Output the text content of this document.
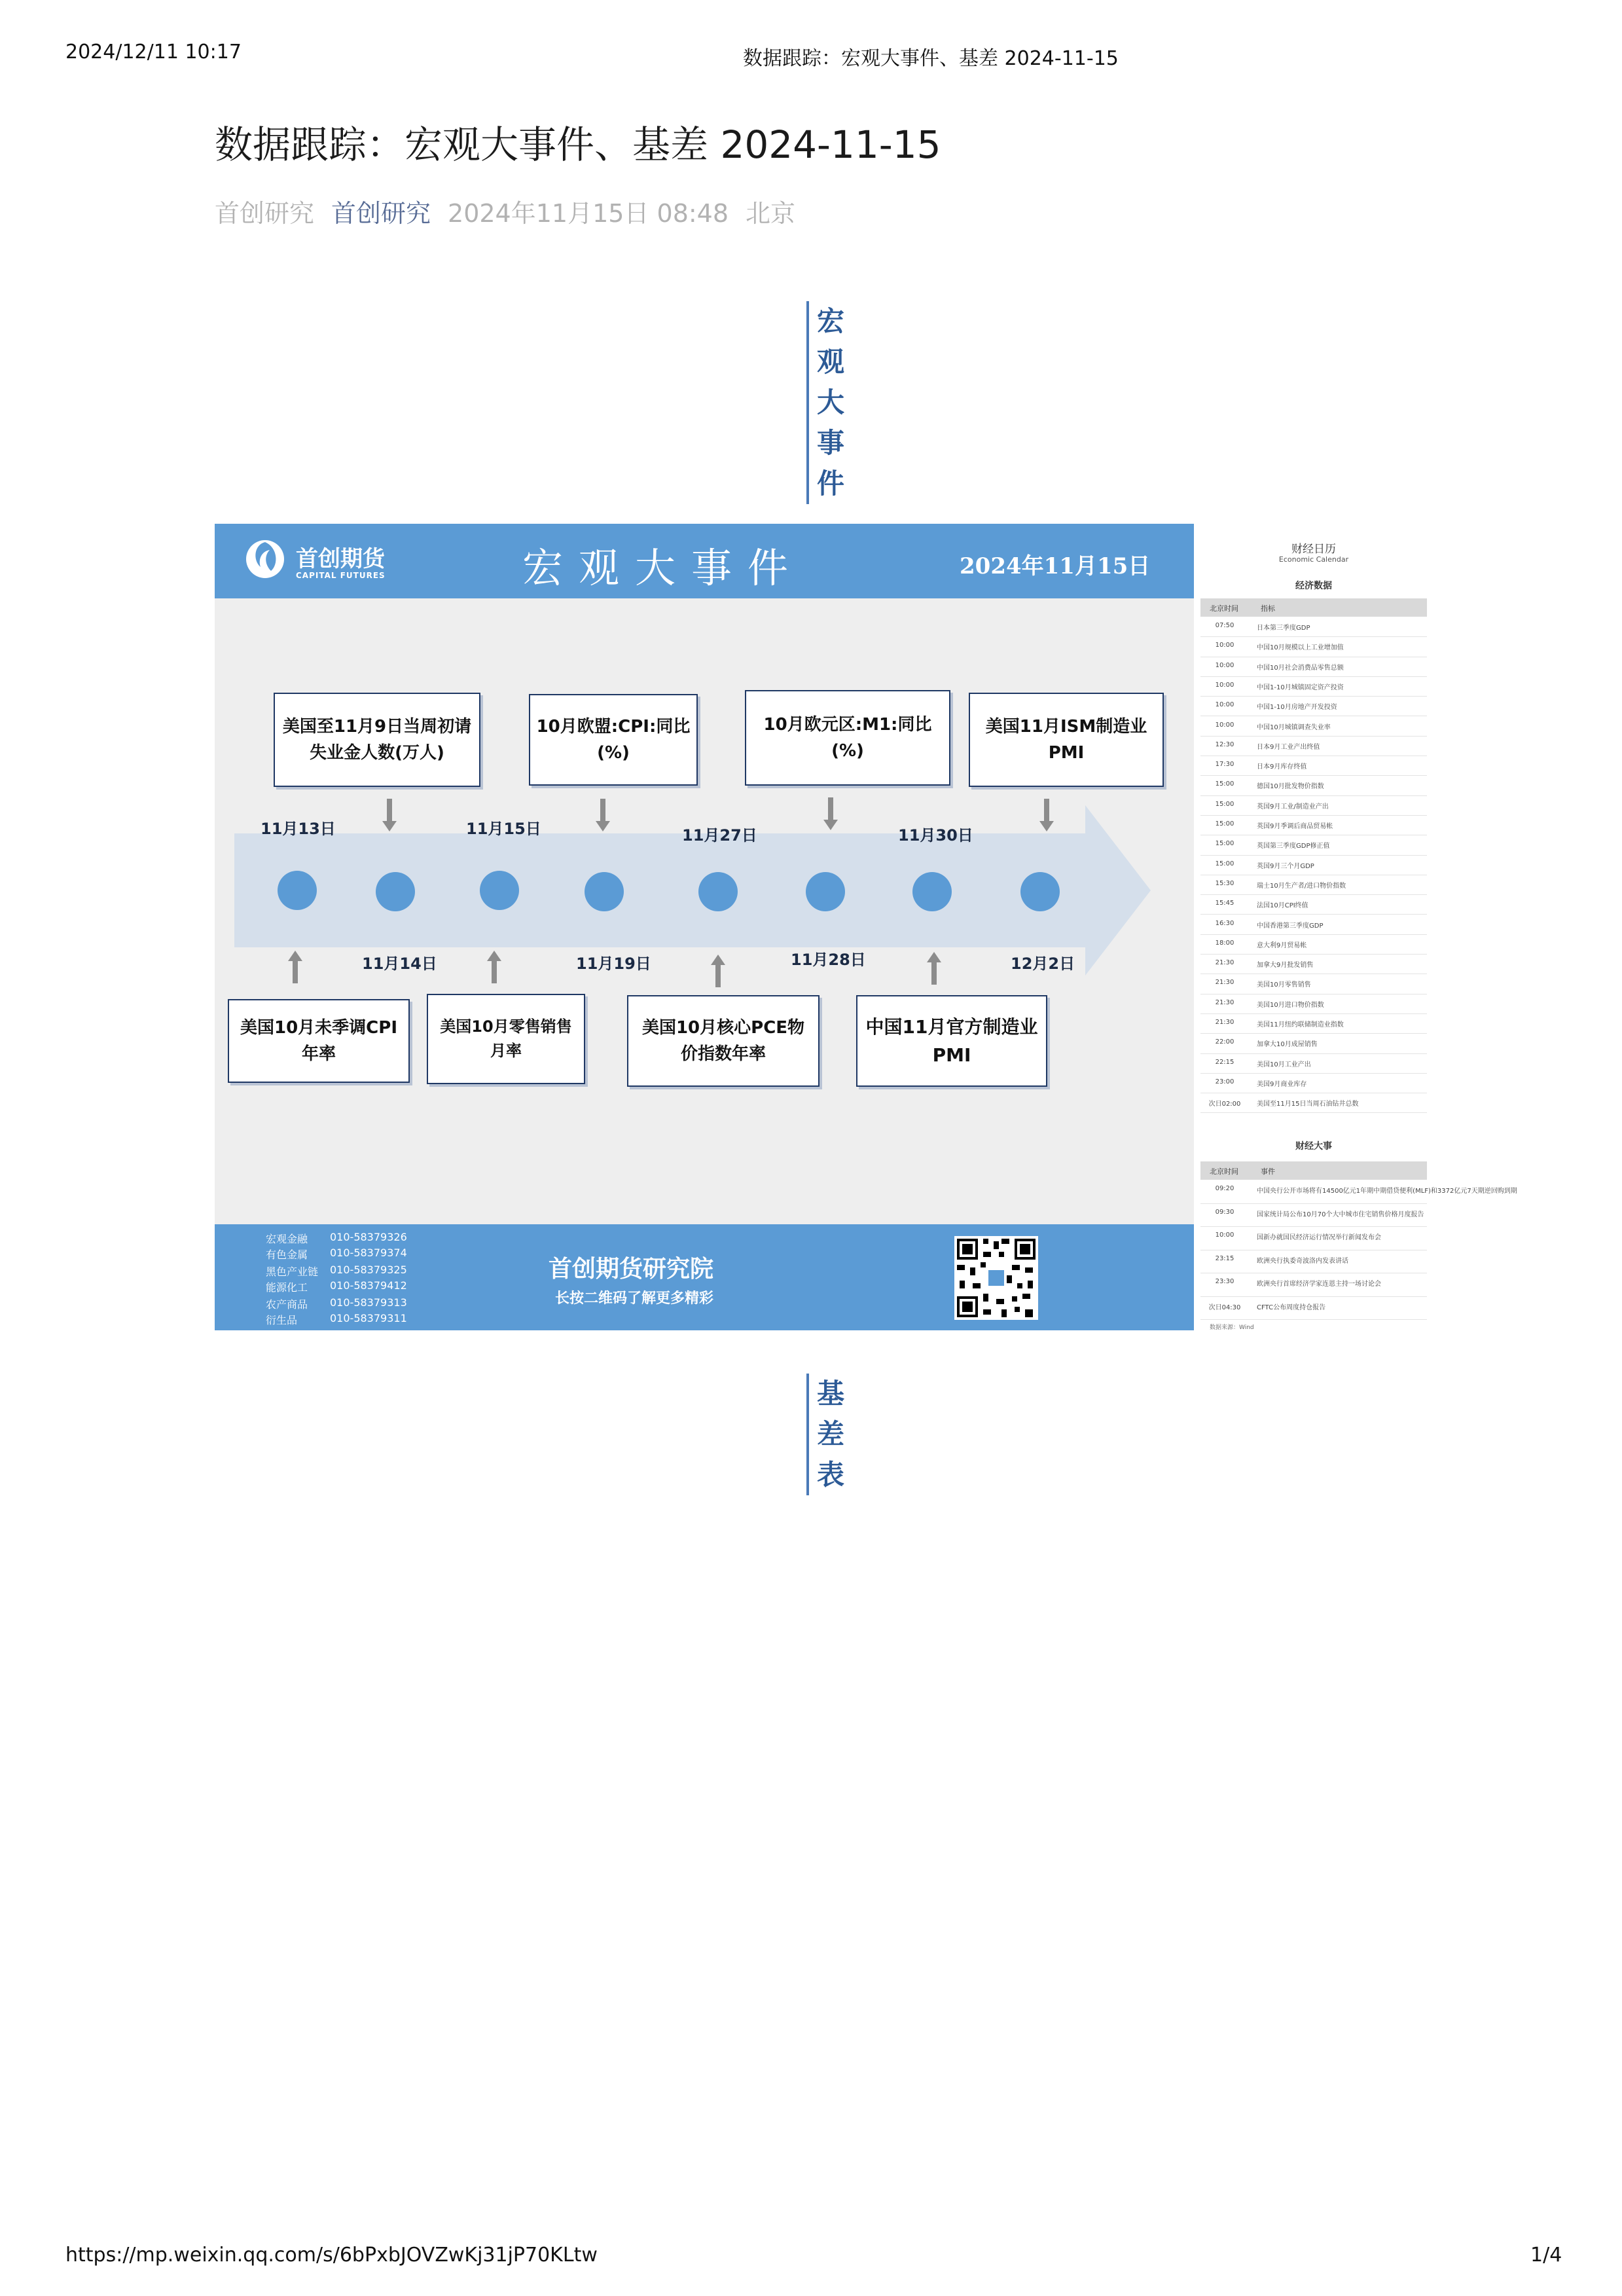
2024/12/11 10:17	数据跟踪：宏观大事件、基差 2024-11-15
https://mp.weixin.qq.com/s/6bPxbJOVZwKj31jP70KLtw	1/4
数据跟踪：宏观大事件、基差 2024-11-15
首创研究 首创研究 2024年11月15日 08:48 北京
宏
观
大
事
件
首创期货
CAPITAL FUTURES	宏观大事件	2024年11月15日
美国至11月9日当周初请
失业金人数(万人)
10月欧盟:CPI:同比
(%)
10月欧元区:M1:同比
(%)
美国11月ISM制造业
PMI
11月13日	11月15日	11月27日	11月30日
11月14日	11月19日	11月28日	12月2日
美国10月未季调CPI
年率
美国10月零售销售
月率
美国10月核心PCE物
价指数年率
中国11月官方制造业
PMI
宏观金融 010-58379326
有色金属 010-58379374
黑色产业链 010-58379325
能源化工 010-58379412
农产商品 010-58379313
衍生品	010-58379311
首创期货研究院
长按二维码了解更多精彩
财经日历
Economic Calendar
经济数据
北京时间	指标
07:50	日本第三季度GDP
10:00	中国10月规模以上工业增加值
10:00	中国10月社会消费品零售总额
10:00	中国1-10月城镇固定资产投资
10:00	中国1-10月房地产开发投资
10:00	中国10月城镇调查失业率
12:30	日本9月工业产出终值
17:30	日本9月库存终值
15:00	德国10月批发物价指数
15:00	英国9月工业/制造业产出
15:00	英国9月季调后商品贸易帐
15:00	英国第三季度GDP修正值
15:00	英国9月三个月GDP
15:30	瑞士10月生产者/进口物价指数
15:45	法国10月CPI终值
16:30	中国香港第三季度GDP
18:00	意大利9月贸易帐
21:30	加拿大9月批发销售
21:30	美国10月零售销售
21:30	美国10月进口物价指数
21:30	美国11月纽约联储制造业指数
22:00	加拿大10月成屋销售
22:15	美国10月工业产出
23:00	美国9月商业库存
次日02:00	美国至11月15日当周石油钻井总数
财经大事
北京时间	事件
09:20	中国央行公开市场将有14500亿元1年期中期借贷便利(MLF)和3372亿元7天期逆回购到期
09:30	国家统计局公布10月70个大中城市住宅销售价格月度报告
10:00	国新办就国民经济运行情况举行新闻发布会
23:15	欧洲央行执委奇波洛内发表讲话
23:30	欧洲央行首席经济学家连恩主持一场讨论会
次日04:30	CFTC公布周度持仓报告
数据来源：Wind
基
差
表
